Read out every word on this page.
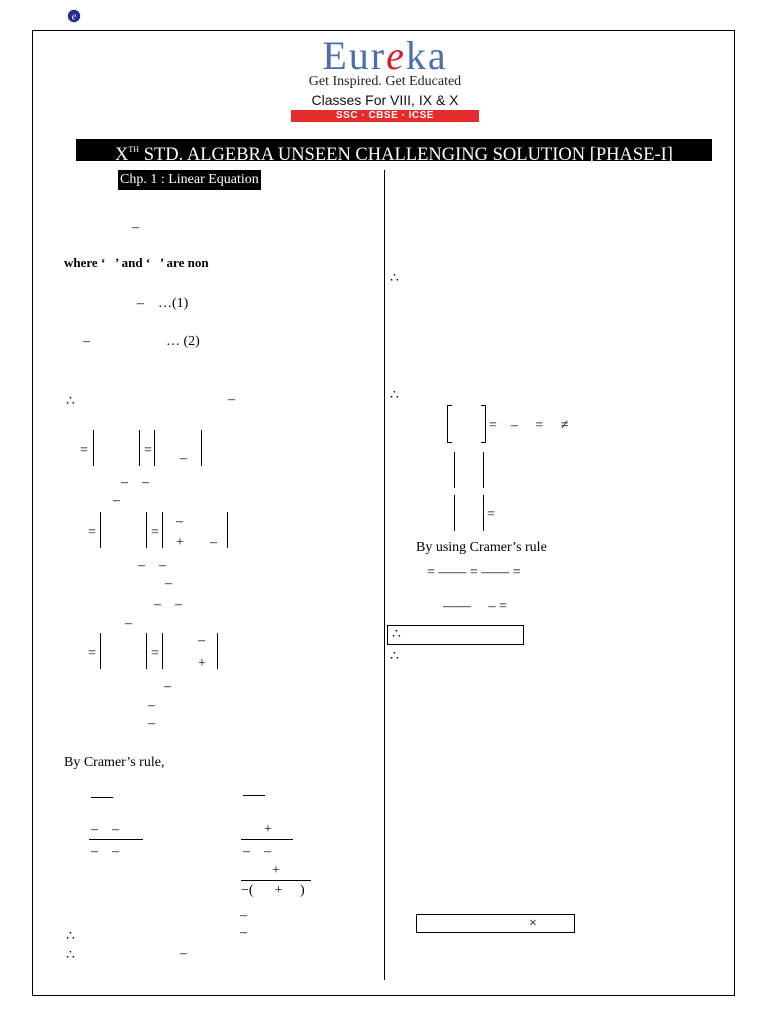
e
Eureka
Get Inspired. Get Educated
Classes For VIII, IX & X
SSC · CBSE · ICSE
XTH STD. ALGEBRA UNSEEN CHALLENGING SOLUTION [PHASE-I]
Chp. 1 : Linear Equation
–
where ‘   ’ and ‘   ’ are non
–    …(1)
–	… (2)
∴	–
=	=
–
–    –
–
=	=
–
+ –
–    –
–
–    –
–
=	=
–
+
–
–
–
By Cramer’s rule,
–    –
–    –
+
–    –
+
−(      +     )
–
∴	–
∴	–
∴
∴
=    –     =     ≠
=
By using Cramer’s rule
= —— = —— =
——     – =
∴
∴
×
